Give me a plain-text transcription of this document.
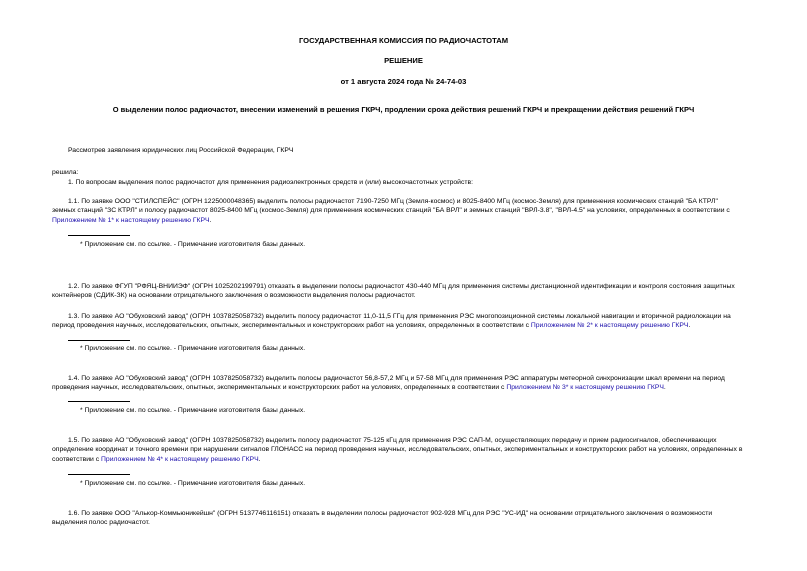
ГОСУДАРСТВЕННАЯ КОМИССИЯ ПО РАДИОЧАСТОТАМ
РЕШЕНИЕ
от 1 августа 2024 года № 24-74-03
О выделении полос радиочастот, внесении изменений в решения ГКРЧ, продлении срока действия решений ГКРЧ и прекращении действия решений ГКРЧ
Рассмотрев заявления юридических лиц Российской Федерации, ГКРЧ
решила:
1. По вопросам выделения полос радиочастот для применения радиоэлектронных средств и (или) высокочастотных устройств:
1.1. По заявке ООО "СТИЛСПЕЙС" (ОГРН 1225000048365) выделить полосы радиочастот 7190-7250 МГц (Земля-космос) и 8025-8400 МГц (космос-Земля) для применения космических станций "БА КТРЛ"
земных станций "ЗС КТРЛ" и полосу радиочастот 8025-8400 МГц (космос-Земля) для применения космических станций "БА ВРЛ" и земных станций "ВРЛ-3.8", "ВРЛ-4.5" на условиях, определенных в соответствии с
Приложением № 1* к настоящему решению ГКРЧ.
* Приложение см. по ссылке. - Примечание изготовителя базы данных.
1.2. По заявке ФГУП "РФЯЦ-ВНИИЭФ" (ОГРН 1025202199791) отказать в выделении полосы радиочастот 430-440 МГц для применения системы дистанционной идентификации и контроля состояния защитных
контейнеров (СДИК-ЗК) на основании отрицательного заключения о возможности выделения полосы радиочастот.
1.3. По заявке АО "Обуховский завод" (ОГРН 1037825058732) выделить полосу радиочастот 11,0-11,5 ГГц для применения РЭС многопозиционной системы локальной навигации и вторичной радиолокации на
период проведения научных, исследовательских, опытных, экспериментальных и конструкторских работ на условиях, определенных в соответствии с Приложением № 2* к настоящему решению ГКРЧ.
* Приложение см. по ссылке. - Примечание изготовителя базы данных.
1.4. По заявке АО "Обуховский завод" (ОГРН 1037825058732) выделить полосы радиочастот 56,8-57,2 МГц и 57-58 МГц для применения РЭС аппаратуры метеорной синхронизации шкал времени на период
проведения научных, исследовательских, опытных, экспериментальных и конструкторских работ на условиях, определенных в соответствии с Приложением № 3* к настоящему решению ГКРЧ.
* Приложение см. по ссылке. - Примечание изготовителя базы данных.
1.5. По заявке АО "Обуховский завод" (ОГРН 1037825058732) выделить полосу радиочастот 75-125 кГц для применения РЭС САП-М, осуществляющих передачу и прием радиосигналов, обеспечивающих
определение координат и точного времени при нарушении сигналов ГЛОНАСС на период проведения научных, исследовательских, опытных, экспериментальных и конструкторских работ на условиях, определенных в
соответствии с Приложением № 4* к настоящему решению ГКРЧ.
* Приложение см. по ссылке. - Примечание изготовителя базы данных.
1.6. По заявке ООО "Алькор-Коммьюникейшн" (ОГРН 5137746116151) отказать в выделении полосы радиочастот 902-928 МГц для РЭС "УС-ИД" на основании отрицательного заключения о возможности
выделения полос радиочастот.
